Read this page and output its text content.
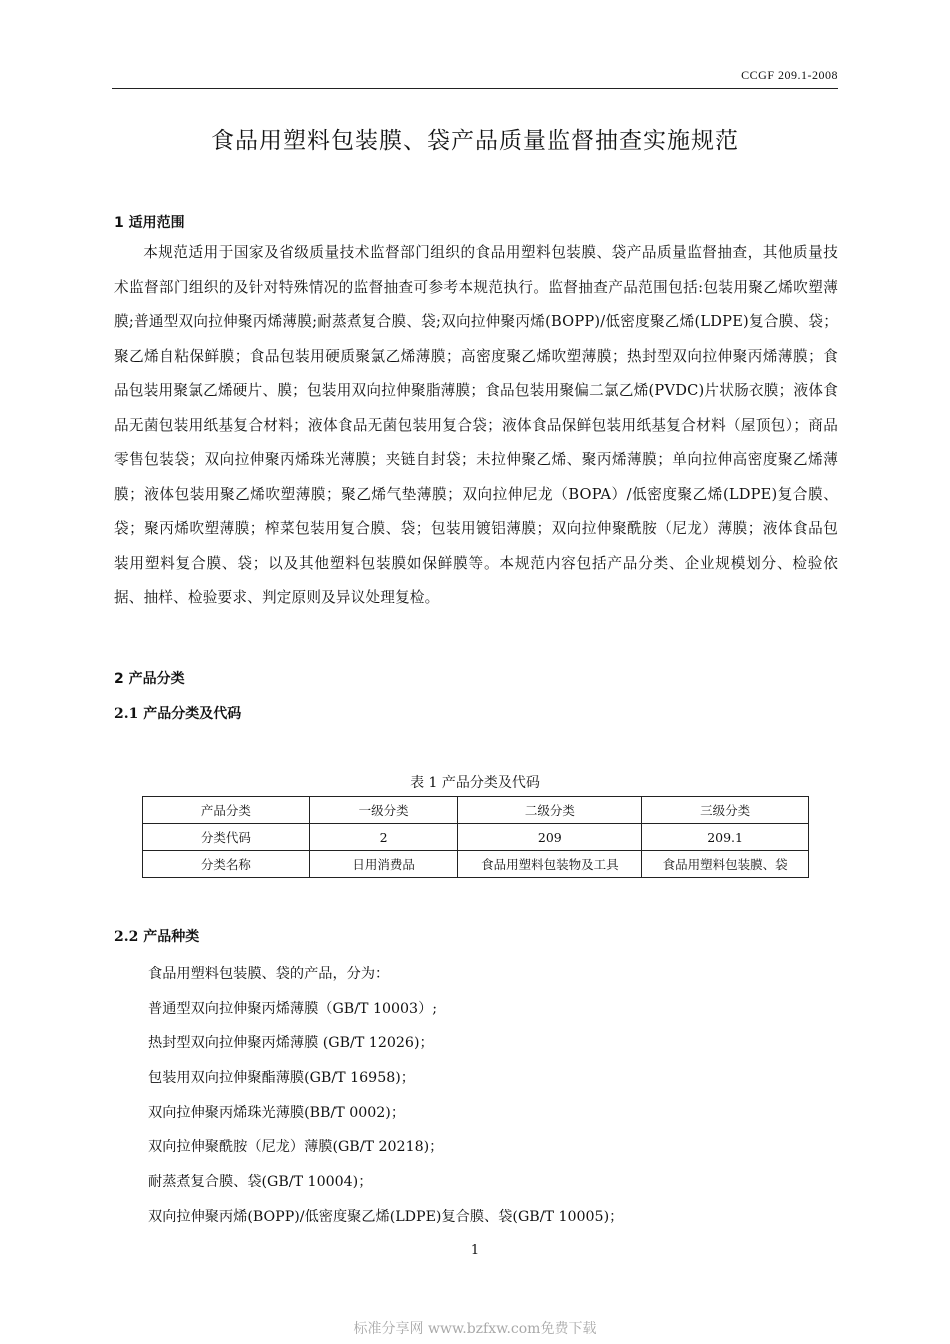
CCGF 209.1-2008
食品用塑料包装膜、袋产品质量监督抽查实施规范
1 适用范围

本规范适用于国家及省级质量技术监督部门组织的食品用塑料包装膜、袋产品质量监督抽查，其他质量技术监督部门组织的及针对特殊情况的监督抽查可参考本规范执行。监督抽查产品范围包括:包装用聚乙烯吹塑薄膜;普通型双向拉伸聚丙烯薄膜;耐蒸煮复合膜、袋;双向拉伸聚丙烯(BOPP)/低密度聚乙烯(LDPE)复合膜、袋；聚乙烯自粘保鲜膜；食品包装用硬质聚氯乙烯薄膜；高密度聚乙烯吹塑薄膜；热封型双向拉伸聚丙烯薄膜；食品包装用聚氯乙烯硬片、膜；包装用双向拉伸聚脂薄膜；食品包装用聚偏二氯乙烯(PVDC)片状肠衣膜；液体食品无菌包装用纸基复合材料；液体食品无菌包装用复合袋；液体食品保鲜包装用纸基复合材料（屋顶包）；商品零售包装袋；双向拉伸聚丙烯珠光薄膜；夹链自封袋；未拉伸聚乙烯、聚丙烯薄膜；单向拉伸高密度聚乙烯薄膜；液体包装用聚乙烯吹塑薄膜；聚乙烯气垫薄膜；双向拉伸尼龙（BOPA）/低密度聚乙烯(LDPE)复合膜、袋；聚丙烯吹塑薄膜；榨菜包装用复合膜、袋；包装用镀铝薄膜；双向拉伸聚酰胺（尼龙）薄膜；液体食品包装用塑料复合膜、袋；以及其他塑料包装膜如保鲜膜等。本规范内容包括产品分类、企业规模划分、检验依据、抽样、检验要求、判定原则及异议处理复检。

2 产品分类
2.1 产品分类及代码
表 1 产品分类及代码
产品分类	一级分类	二级分类	三级分类
分类代码	2	209	209.1
分类名称	日用消费品	食品用塑料包装物及工具	食品用塑料包装膜、袋
2.2 产品种类
食品用塑料包装膜、袋的产品，分为：
普通型双向拉伸聚丙烯薄膜（GB/T 10003）;
热封型双向拉伸聚丙烯薄膜 (GB/T 12026)；
包装用双向拉伸聚酯薄膜(GB/T 16958)；
双向拉伸聚丙烯珠光薄膜(BB/T 0002)；
双向拉伸聚酰胺（尼龙）薄膜(GB/T 20218)；
耐蒸煮复合膜、袋(GB/T 10004)；
双向拉伸聚丙烯(BOPP)/低密度聚乙烯(LDPE)复合膜、袋(GB/T 10005)；
1
标准分享网 www.bzfxw.com免费下载
